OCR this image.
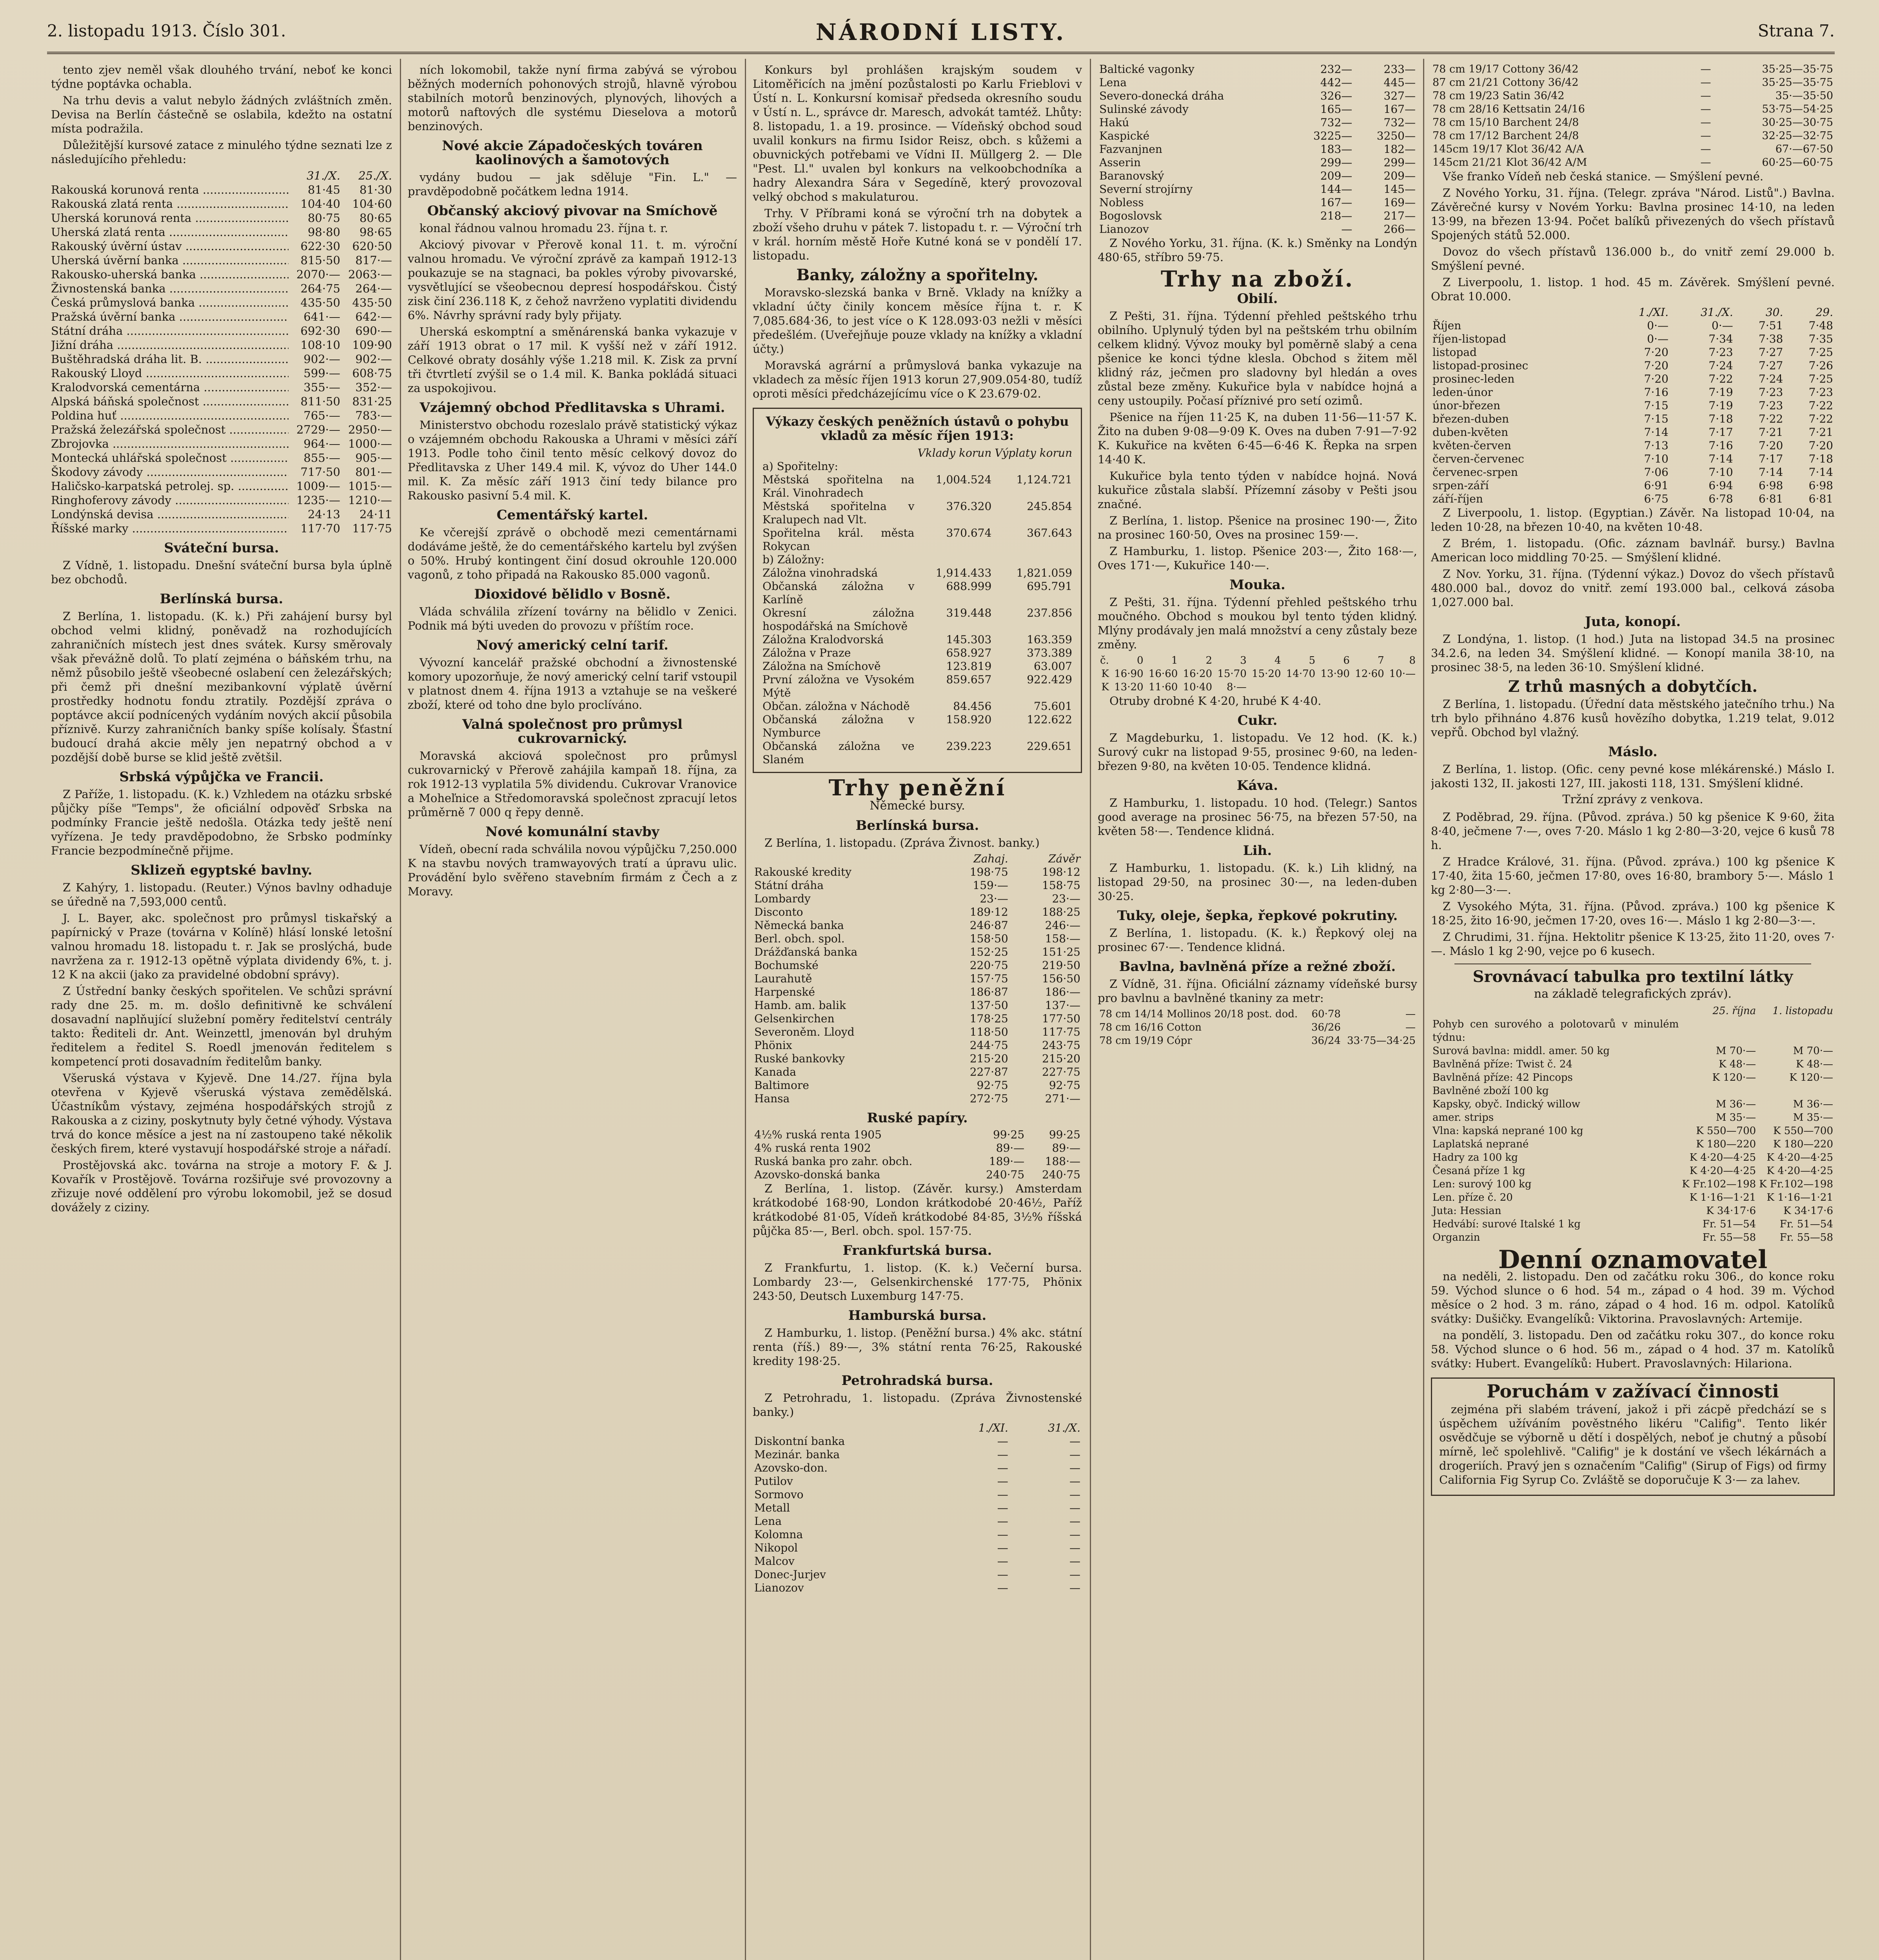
2. listopadu 1913. Číslo 301.	NÁRODNÍ LISTY.	Strana 7.

tento zjev neměl však dlouhého trvání, neboť ke konci týdne poptávka ochabla.

Na trhu devis a valut nebylo žádných zvláštních změn. Devisa na Berlín částečně se oslabila, kdežto na ostatní místa podražila.

Důležitější kursové zatace z minulého týdne seznati lze z následujícího přehledu:

31./X.	25./X.
Rakouská korunová renta .....	81·45	81·30
Rakouská zlatá renta .....	104·40	104·60
Uherská korunová renta .....	80·75	80·65
Uherská zlatá renta .....	98·80	98·65
Rakouský úvěrní ústav .....	622·30	620·50
Uherská úvěrní banka .....	815·50	817·—
Rakousko-uherská banka .....	2070·— 2063·—
Živnostenská banka .....	264·75	264·—
Česká průmyslová banka .....	435·50	435·50
Pražská úvěrní banka .....	641·—	642·—
Státní dráha .....	692·30	690·—
Jižní dráha .....	108·10	109·90
Buštěhradská dráha lit. B. .....	902·—	902·—
Rakouský Lloyd .....	599·—	608·75
Kralodvorská cementárna .....	355·—	352·—
Alpská báňská společnost .....	811·50	831·25
Poldina huť .....	765·—	783·—
Pražská železářská společnost .....	2729·— 2950·—
Zbrojovka .....	964·— 1000·—
Montecká uhlářská společnost .....	855·—	905·—
Škodovy závody .....	717·50	801·—
Haličsko-karpatská petrolej. sp. .....	1009·— 1015·—
Ringhoferovy závody .....	1235·— 1210·—
Londýnská devisa .....	24·13	24·11
Říšské marky .....	117·70	117·75
Sváteční bursa.

Z Vídně, 1. listopadu. Dnešní sváteční bursa byla úplně bez obchodů.

Berlínská bursa.

Z Berlína, 1. listopadu. (K. k.) Při zahájení bursy byl obchod velmi klidný, poněvadž na rozhodujících zahraničních místech jest dnes svátek. Kursy směrovaly však převážně dolů. To platí zejména o báňském trhu, na němž působilo ještě všeobecné oslabení cen železářských; při čemž při dnešní mezibankovní výplatě úvěrní prostředky hodnotu fondu ztratily. Pozdější zpráva o poptávce akcií podnícených vydáním nových akcií působila příznivě. Kurzy zahraničních banky spíše kolísaly. Šťastní budoucí drahá akcie měly jen nepatrný obchod a v pozdější době burse se klid ještě zvětšil.

Srbská výpůjčka ve Francii.

Z Paříže, 1. listopadu. (K. k.) Vzhledem na otázku srbské půjčky píše "Temps", že oficiální odpověď Srbska na podmínky Francie ještě nedošla. Otázka tedy ještě není vyřízena. Je tedy pravděpodobno, že Srbsko podmínky Francie bezpodmínečně přijme.

Sklizeň egyptské bavlny.

Z Kahýry, 1. listopadu. (Reuter.) Výnos bavlny odhaduje se úředně na 7,593,000 centů.

J. L. Bayer, akc. společnost pro průmysl tiskařský a papírnický v Praze (továrna v Kolíně) hlásí lonské letošní valnou hromadu 18. listopadu t. r. Jak se proslýchá, bude navržena za r. 1912-13 opětně výplata dividendy 6%, t. j. 12 K na akcii (jako za pravidelné obdobní správy).

Z Ústřední banky českých spořitelen. Ve schůzi správní rady dne 25. m. m. došlo definitivně ke schválení dosavadní naplňující služební poměry ředitelství centrály takto: Řediteli dr. Ant. Weinzettl, jmenován byl druhým ředitelem a ředitel S. Roedl jmenován ředitelem s kompetencí proti dosavadním ředitelům banky.

Všeruská výstava v Kyjevě. Dne 14./27. října byla otevřena v Kyjevě všeruská výstava zemědělská. Účastníkům výstavy, zejména hospodářských strojů z Rakouska a z ciziny, poskytnuty byly četné výhody. Výstava trvá do konce měsíce a jest na ní zastoupeno také několik českých firem, které vystavují hospodářské stroje a nářadí.

Prostějovská akc. továrna na stroje a motory F. & J. Kovařík v Prostějově. Továrna rozšiřuje své provozovny a zřizuje nové oddělení pro výrobu lokomobil, jež se dosud dovážely z ciziny.

ních lokomobil, takže nyní firma zabývá se výrobou běžných moderních pohonových strojů, hlavně výrobou stabilních motorů benzinových, plynových, lihových a motorů naftových dle systému Dieselova a motorů benzinových.

Nové akcie Západočeských továren kaolinových a šamotových

vydány budou — jak sděluje "Fin. L." — pravděpodobně počátkem ledna 1914.

Občanský akciový pivovar na Smíchově

konal řádnou valnou hromadu 23. října t. r.

Akciový pivovar v Přerově konal 11. t. m. výroční valnou hromadu. Ve výroční zprávě za kampaň 1912-13 poukazuje se na stagnaci, ba pokles výroby pivovarské, vysvětlující se všeobecnou depresí hospodářskou. Čistý zisk činí 236.118 K, z čehož navrženo vyplatiti dividendu 6%. Návrhy správní rady byly přijaty.

Uherská eskomptní a směnárenská banka vykazuje v září 1913 obrat o 17 mil. K vyšší než v září 1912. Celkové obraty dosáhly výše 1.218 mil. K. Zisk za první tři čtvrtletí zvýšil se o 1.4 mil. K. Banka pokládá situaci za uspokojivou.

Vzájemný obchod Předlitavska s Uhrami.

Ministerstvo obchodu rozeslalo právě statistický výkaz o vzájemném obchodu Rakouska a Uhrami v měsíci září 1913. Podle toho činil tento měsíc celkový dovoz do Předlitavska z Uher 149.4 mil. K, vývoz do Uher 144.0 mil. K. Za měsíc září 1913 činí tedy bilance pro Rakousko pasivní 5.4 mil. K.

Cementářský kartel.

Ke včerejší zprávě o obchodě mezi cementárnami dodáváme ještě, že do cementářského kartelu byl zvýšen o 50%. Hrubý kontingent činí dosud okrouhle 120.000 vagonů, z toho připadá na Rakousko 85.000 vagonů.

Dioxidové bělidlo v Bosně.

Vláda schválila zřízení továrny na bělidlo v Zenici. Podnik má býti uveden do provozu v příštím roce.

Nový americký celní tarif.

Vývozní kancelář pražské obchodní a živnostenské komory upozorňuje, že nový americký celní tarif vstoupil v platnost dnem 4. října 1913 a vztahuje se na veškeré zboží, které od toho dne bylo proclíváno.

Valná společnost pro průmysl cukrovarnický.

Moravská akciová společnost pro průmysl cukrovarnický v Přerově zahájila kampaň 18. října, za rok 1912-13 vyplatila 5% dividendu. Cukrovar Vranovice a Moheľnice a Středomoravská společnost zpracují letos průměrně 7 000 q řepy denně.

Nové komunální stavby

Vídeň, obecní rada schválila novou výpůjčku 7,250.000 K na stavbu nových tramwayových tratí a úpravu ulic. Provádění bylo svěřeno stavebním firmám z Čech a z Moravy.

Konkurs byl prohlášen krajským soudem v Litoměřicích na jmění pozůstalosti po Karlu Frieblovi v Ústí n. L. Konkursní komisař předseda okresního soudu v Ústí n. L., správce dr. Maresch, advokát tamtéž. Lhůty: 8. listopadu, 1. a 19. prosince. — Vídeňský obchod soud uvalil konkurs na firmu Isidor Reisz, obch. s kůžemi a obuvnických potřebami ve Vídni II. Müllgerg 2. — Dle "Pest. Ll." uvalen byl konkurs na velkoobchodníka a hadry Alexandra Sára v Segedíně, který provozoval velký obchod s makulaturou.

Trhy. V Příbrami koná se výroční trh na dobytek a zboží všeho druhu v pátek 7. listopadu t. r. — Výroční trh v král. horním městě Hoře Kutné koná se v pondělí 17. listopadu.

Banky, záložny a spořitelny.

Moravsko-slezská banka v Brně. Vklady na knížky a vkladní účty činily koncem měsíce října t. r. K 7,085.684·36, to jest více o K 128.093·03 nežli v měsíci předešlém. (Uveřejňuje pouze vklady na knížky a vkladní účty.)

Moravská agrární a průmyslová banka vykazuje na vkladech za měsíc říjen 1913 korun 27,909.054·80, tudíž oproti měsíci předcházejícímu více o K 23.679·02.

Výkazy českých peněžních ústavů o pohybu vkladů za měsíc říjen 1913:
	Vklady korun	Výplaty korun
a) Spořitelny:		
Městská spořitelna na Král. Vinohradech	1,004.524	1,124.721
Městská spořitelna v Kralupech nad Vlt.	376.320	245.854
Spořitelna král. města Rokycan	370.674	367.643
b) Záložny:		
Záložna vinohradská	1,914.433	1,821.059
Občanská záložna v Karlíně	688.999	695.791
Okresní záložna hospodářská na Smíchově	319.448	237.856
Záložna Kralodvorská	145.303	163.359
Záložna v Praze	658.927	373.389
Záložna na Smíchově	123.819	63.007
První záložna ve Vysokém Mýtě	859.657	922.429
Občan. záložna v Náchodě	84.456	75.601
Občanská záložna v Nymburce	158.920	122.622
Občanská záložna ve Slaném	239.223	229.651
Trhy peněžní
Německé bursy.
Berlínská bursa.

Z Berlína, 1. listopadu. (Zpráva Živnost. banky.)

	Zahaj.	Závěr
Rakouské kredity	198·75	198·12
Státní dráha	159·—	158·75
Lombardy	23·—	23·—
Disconto	189·12	188·25
Německá banka	246·87	246·—
Berl. obch. spol.	158·50	158·—
Drážďanská banka	152·25	151·25
Bochumské	220·75	219·50
Laurahutě	157·75	156·50
Harpenské	186·87	186·—
Hamb. am. balik	137·50	137·—
Gelsenkirchen	178·25	177·50
Severoněm. Lloyd	118·50	117·75
Phönix	244·75	243·75
Ruské bankovky	215·20	215·20
Kanada	227·87	227·75
Baltimore	92·75	92·75
Hansa	272·75	271·—
Ruské papíry.
4½% ruská renta 1905	99·25	99·25
4% ruská renta 1902	89·—	89·—
Ruská banka pro zahr. obch.	189·—	188·—
Azovsko-donská banka	240·75	240·75

Z Berlína, 1. listop. (Závěr. kursy.) Amsterdam krátkodobé 168·90, London krátkodobé 20·46½, Paříž krátkodobé 81·05, Vídeň krátkodobé 84·85, 3½% říšská půjčka 85·—, Berl. obch. spol. 157·75.

Frankfurtská bursa.

Z Frankfurtu, 1. listop. (K. k.) Večerní bursa. Lombardy 23·—, Gelsenkirchenské 177·75, Phönix 243·50, Deutsch Luxemburg 147·75.

Hamburská bursa.

Z Hamburku, 1. listop. (Peněžní bursa.) 4% akc. státní renta (říš.) 89·—, 3% státní renta 76·25, Rakouské kredity 198·25.

Petrohradská bursa.

Z Petrohradu, 1. listopadu. (Zpráva Živnostenské banky.)

	1./XI.	31./X.
Diskontní banka	—	—
Mezinár. banka	—	—
Azovsko-don.	—	—
Putilov	—	—
Sormovo	—	—
Metall	—	—
Lena	—	—
Kolomna	—	—
Nikopol	—	—
Malcov	—	—
Donec-Jurjev	—	—
Lianozov	—	—
Baltické vagonky	232—	233—
Lena	442—	445—
Severo-donecká dráha	326—	327—
Sulinské závody	165—	167—
Hakú	732—	732—
Kaspické	3225—	3250—
Fazvanjnen	183—	182—
Asserin	299—	299—
Baranovský	209—	209—
Severní strojírny	144—	145—
Nobless	167—	169—
Bogoslovsk	218—	217—
Lianozov	—	266—

Z Nového Yorku, 31. října. (K. k.) Směnky na Londýn 480·65, stříbro 59·75.

Trhy na zboží.
Obilí.

Z Pešti, 31. října. Týdenní přehled peštského trhu obilního. Uplynulý týden byl na peštském trhu obilním celkem klidný. Vývoz mouky byl poměrně slabý a cena pšenice ke konci týdne klesla. Obchod s žitem měl klidný ráz, ječmen pro sladovny byl hledán a oves zůstal beze změny. Kukuřice byla v nabídce hojná a ceny ustoupily. Počasí příznivé pro setí ozimů.

Pšenice na říjen 11·25 K, na duben 11·56—11·57 K. Žito na duben 9·08—9·09 K. Oves na duben 7·91—7·92 K. Kukuřice na květen 6·45—6·46 K. Řepka na srpen 14·40 K.

Kukuřice byla tento týden v nabídce hojná. Nová kukuřice zůstala slabší. Přízemní zásoby v Pešti jsou značné.

Z Berlína, 1. listop. Pšenice na prosinec 190·—, Žito na prosinec 160·50, Oves na prosinec 159·—.

Z Hamburku, 1. listop. Pšenice 203·—, Žito 168·—, Oves 171·—, Kukuřice 140·—.

Mouka.

Z Pešti, 31. října. Týdenní přehled peštského trhu moučného. Obchod s moukou byl tento týden klidný. Mlýny prodávaly jen malá množství a ceny zůstaly beze změny.

č.	0	1	2	3	4	5	6	7	8
K	16·90	16·60	16·20	15·70	15·20	14·70	13·90	12·60	10·—
K	13·20	11·60	10·40	8·—					

Otruby drobné K 4·20, hrubé K 4·40.

Cukr.

Z Magdeburku, 1. listopadu. Ve 12 hod. (K. k.) Surový cukr na listopad 9·55, prosinec 9·60, na leden-březen 9·80, na květen 10·05. Tendence klidná.

Káva.

Z Hamburku, 1. listopadu. 10 hod. (Telegr.) Santos good average na prosinec 56·75, na březen 57·50, na květen 58·—. Tendence klidná.

Lih.

Z Hamburku, 1. listopadu. (K. k.) Lih klidný, na listopad 29·50, na prosinec 30·—, na leden-duben 30·25.

Tuky, oleje, šepka, řepkové pokrutiny.

Z Berlína, 1. listopadu. (K. k.) Řepkový olej na prosinec 67·—. Tendence klidná.

Bavlna, bavlněná příze a režné zboží.

Z Vídně, 31. října. Oficiální záznamy vídeňské bursy pro bavlnu a bavlněné tkaniny za metr:

78 cm 14/14 Mollinos 20/18 post. dod.	60·78	—
78 cm 16/16 Cotton	36/26	—
78 cm 19/19 Cópr	36/24	33·75—34·25
78 cm 19/17 Cottony 36/42	—	35·25—35·75
87 cm 21/21 Cottony 36/42	—	35·25—35·75
78 cm 19/23 Satin 36/42	—	35·—35·50
78 cm 28/16 Kettsatin 24/16	—	53·75—54·25
78 cm 15/10 Barchent 24/8	—	30·25—30·75
78 cm 17/12 Barchent 24/8	—	32·25—32·75
145cm 19/17 Klot 36/42 A/A	—	67·—67·50
145cm 21/21 Klot 36/42 A/M	—	60·25—60·75

Vše franko Vídeň neb česká stanice. — Smýšlení pevné.

Z Nového Yorku, 31. října. (Telegr. zpráva "Národ. Listů".) Bavlna. Závěrečné kursy v Novém Yorku: Bavlna prosinec 14·10, na leden 13·99, na březen 13·94. Počet balíků přivezených do všech přístavů Spojených států 52.000.

Dovoz do všech přístavů 136.000 b., do vnitř zemí 29.000 b. Smýšlení pevné.

Z Liverpoolu, 1. listop. 1 hod. 45 m. Závěrek. Smýšlení pevné. Obrat 10.000.

	1./XI.	31./X.	30.	29.
Říjen	0·—	0·—	7·51	7·48
říjen-listopad	0·—	7·34	7·38	7·35
listopad	7·20	7·23	7·27	7·25
listopad-prosinec	7·20	7·24	7·27	7·26
prosinec-leden	7·20	7·22	7·24	7·25
leden-únor	7·16	7·19	7·23	7·23
únor-březen	7·15	7·19	7·23	7·22
březen-duben	7·15	7·18	7·22	7·22
duben-květen	7·14	7·17	7·21	7·21
květen-červen	7·13	7·16	7·20	7·20
červen-červenec	7·10	7·14	7·17	7·18
červenec-srpen	7·06	7·10	7·14	7·14
srpen-září	6·91	6·94	6·98	6·98
září-říjen	6·75	6·78	6·81	6·81

Z Liverpoolu, 1. listop. (Egyptian.) Závěr. Na listopad 10·04, na leden 10·28, na březen 10·40, na květen 10·48.

Z Brém, 1. listopadu. (Ofic. záznam bavlnář. bursy.) Bavlna American loco middling 70·25. — Smýšlení klidné.

Z Nov. Yorku, 31. října. (Týdenní výkaz.) Dovoz do všech přístavů 480.000 bal., dovoz do vnitř. zemí 193.000 bal., celková zásoba 1,027.000 bal.

Juta, konopí.

Z Londýna, 1. listop. (1 hod.) Juta na listopad 34.5 na prosinec 34.2.6, na leden 34. Smýšlení klidné. — Konopí manila 38·10, na prosinec 38·5, na leden 36·10. Smýšlení klidné.

Z trhů masných a dobytčích.

Z Berlína, 1. listopadu. (Úřední data městského jatečního trhu.) Na trh bylo přihnáno 4.876 kusů hovězího dobytka, 1.219 telat, 9.012 vepřů. Obchod byl vlažný.

Máslo.

Z Berlína, 1. listop. (Ofic. ceny pevné kose mlékárenské.) Máslo I. jakosti 132, II. jakosti 127, III. jakosti 118, 131. Smýšlení klidné.

Tržní zprávy z venkova.

Z Poděbrad, 29. října. (Původ. zpráva.) 50 kg pšenice K 9·60, žita 8·40, ječmene 7·—, oves 7·20. Máslo 1 kg 2·80—3·20, vejce 6 kusů 78 h.

Z Hradce Králové, 31. října. (Původ. zpráva.) 100 kg pšenice K 17·40, žita 15·60, ječmen 17·80, oves 16·80, brambory 5·—. Máslo 1 kg 2·80—3·—.

Z Vysokého Mýta, 31. října. (Původ. zpráva.) 100 kg pšenice K 18·25, žito 16·90, ječmen 17·20, oves 16·—. Máslo 1 kg 2·80—3·—.

Z Chrudimi, 31. října. Hektolitr pšenice K 13·25, žito 11·20, oves 7·—. Máslo 1 kg 2·90, vejce po 6 kusech.

Srovnávací tabulka pro textilní látky
na základě telegrafických zpráv).
	25. října	1. listopadu
Pohyb cen surového a polotovarů v minulém týdnu:		
Surová bavlna: middl. amer. 50 kg	M 70·—	M 70·—
Bavlněná příze: Twist č. 24	K 48·—	K 48·—
Bavlněná příze: 42 Pincops	K 120·—	K 120·—
Bavlněné zboží 100 kg		
Kapsky, obyč. Indický willow	M 36·—	M 36·—
amer. strips	M 35·—	M 35·—
Vlna: kapská neprané 100 kg	K 550—700	K 550—700
Laplatská neprané	K 180—220	K 180—220
Hadry za 100 kg	K 4·20—4·25	K 4·20—4·25
Česaná příze 1 kg	K 4·20—4·25	K 4·20—4·25
Len: surový 100 kg	K Fr.102—198	K Fr.102—198
Len. příze č. 20	K 1·16—1·21	K 1·16—1·21
Juta: Hessian	K 34·17·6	K 34·17·6
Hedvábí: surové Italské 1 kg	Fr. 51—54	Fr. 51—54
Organzin	Fr. 55—58	Fr. 55—58
Denní oznamovatel

na neděli, 2. listopadu. Den od začátku roku 306., do konce roku 59. Východ slunce o 6 hod. 54 m., západ o 4 hod. 39 m. Východ měsíce o 2 hod. 3 m. ráno, západ o 4 hod. 16 m. odpol. Katolíků svátky: Dušičky. Evangelíků: Viktorina. Pravoslavných: Artemije.

na pondělí, 3. listopadu. Den od začátku roku 307., do konce roku 58. Východ slunce o 6 hod. 56 m., západ o 4 hod. 37 m. Katolíků svátky: Hubert. Evangelíků: Hubert. Pravoslavných: Hilariona.

Poruchám v zažívací činnosti

zejména při slabém trávení, jakož i při zácpě předchází se s úspěchem užíváním pověstného likéru "Califig". Tento likér osvědčuje se výborně u dětí i dospělých, neboť je chutný a působí mírně, leč spolehlivě. "Califig" je k dostání ve všech lékárnách a drogeriích. Pravý jen s označením "Califig" (Sirup of Figs) od firmy California Fig Syrup Co. Zvláště se doporučuje K 3·— za lahev.
